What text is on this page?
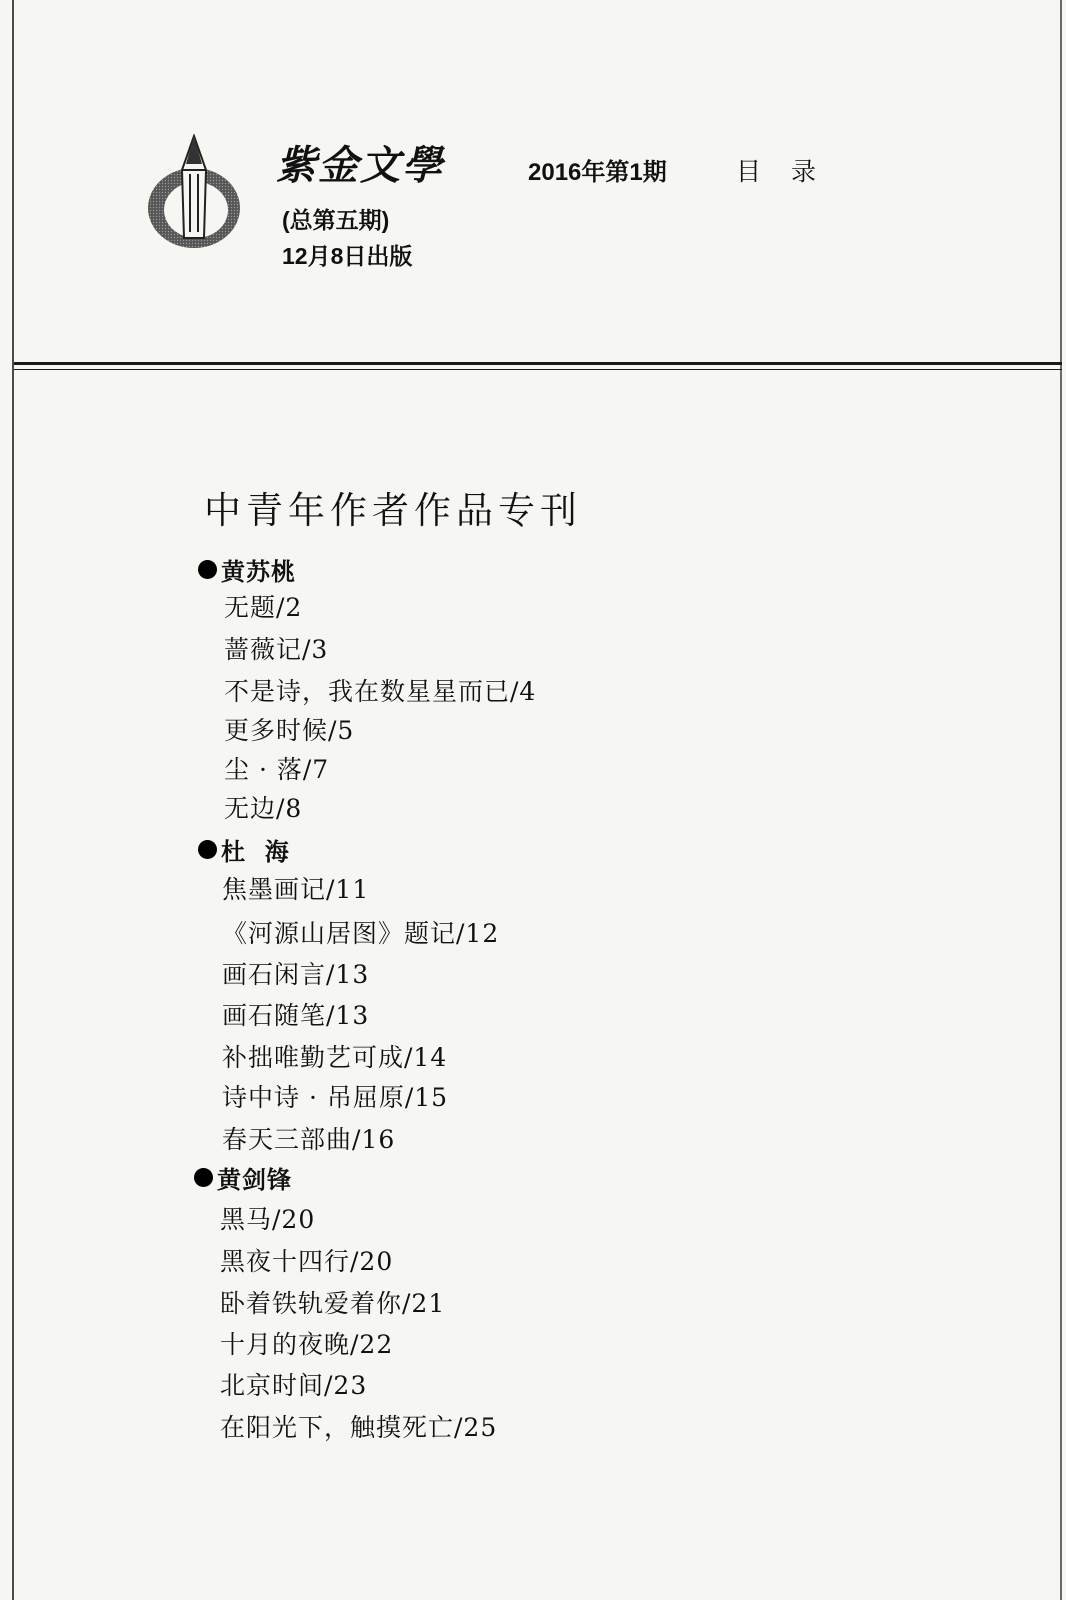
紫金文學	2016年第1期	目录
(总第五期)
12月8日出版
中青年作者作品专刊
黄苏桃
无题/2
蔷薇记/3
不是诗，我在数星星而已/4
更多时候/5
尘 · 落/7
无边/8
杜  海
焦墨画记/11
《河源山居图》题记/12
画石闲言/13
画石随笔/13
补拙唯勤艺可成/14
诗中诗 · 吊屈原/15
春天三部曲/16
黄剑锋
黑马/20
黑夜十四行/20
卧着铁轨爱着你/21
十月的夜晚/22
北京时间/23
在阳光下，触摸死亡/25
